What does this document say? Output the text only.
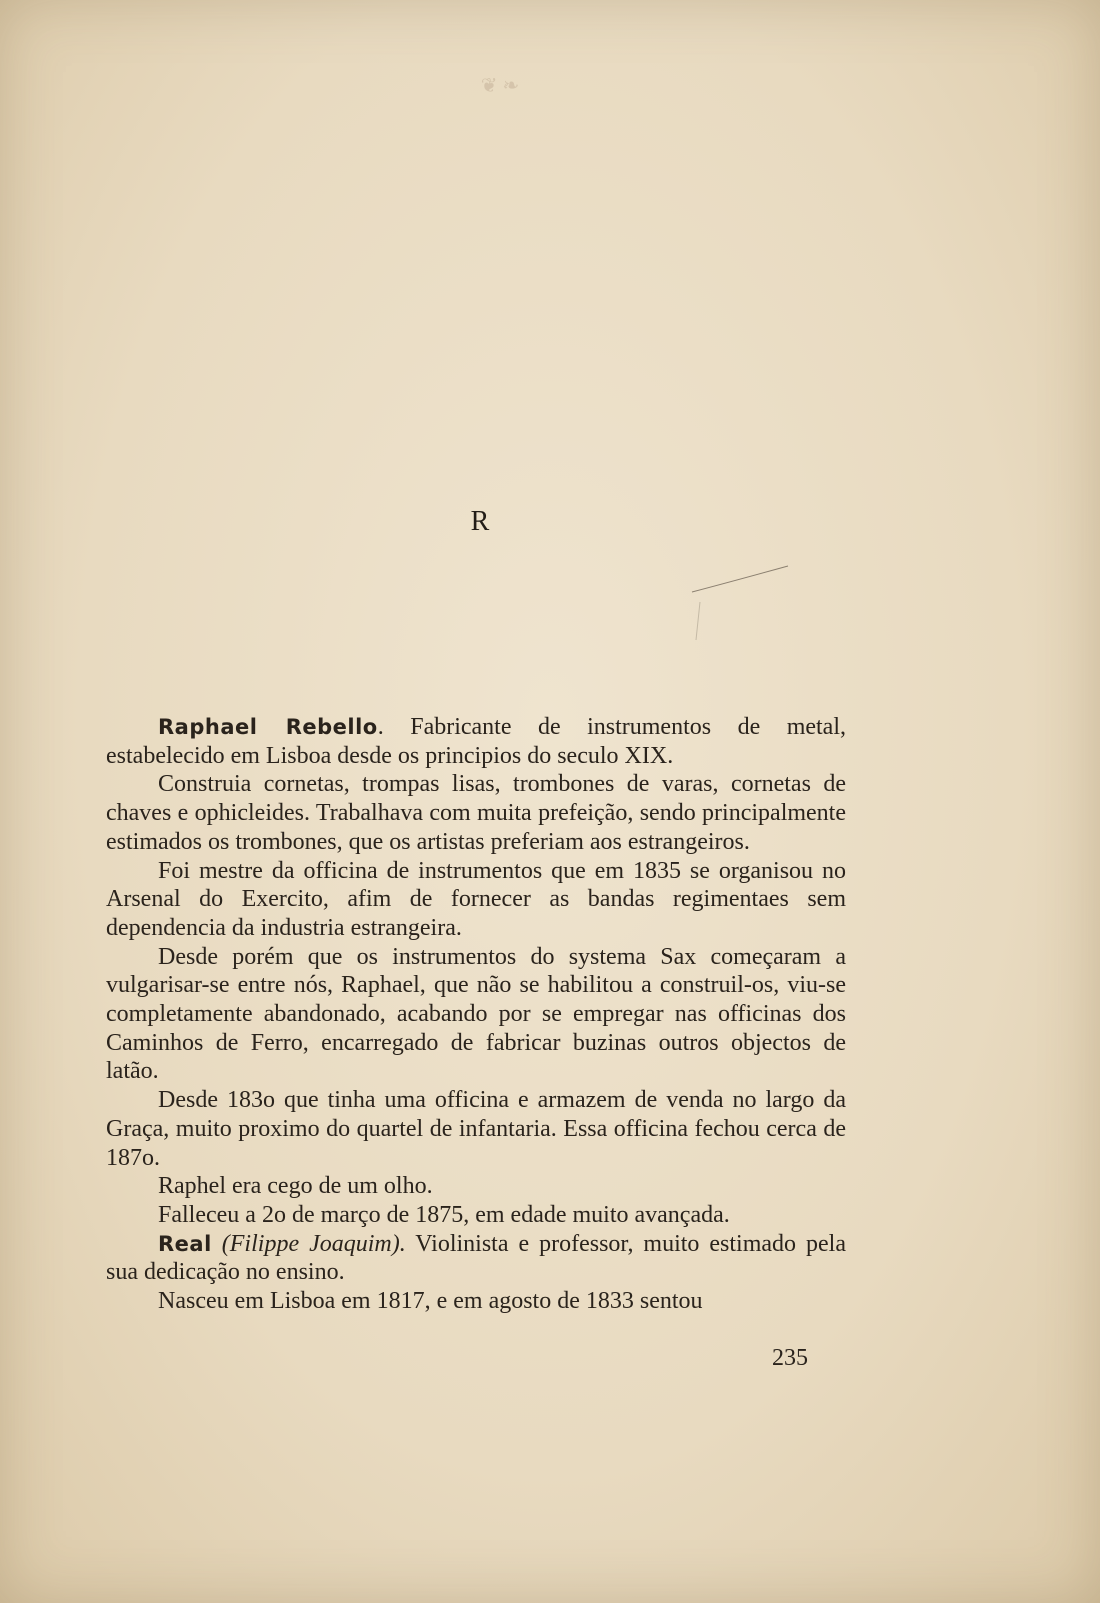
❦ ❧
R

Raphael Rebello. Fabricante de instrumentos de metal, estabelecido em Lisboa desde os principios do seculo XIX.

Construia cornetas, trompas lisas, trombones de varas, cornetas de chaves e ophicleides. Trabalhava com muita prefeição, sendo principalmente estimados os trombones, que os artistas preferiam aos estrangeiros.

Foi mestre da officina de instrumentos que em 1835 se organisou no Arsenal do Exercito, afim de fornecer as bandas regimentaes sem dependencia da industria estrangeira.

Desde porém que os instrumentos do systema Sax começaram a vulgarisar-se entre nós, Raphael, que não se habilitou a construil-os, viu-se completamente abandonado, acabando por se empregar nas officinas dos Caminhos de Ferro, encarregado de fabricar buzinas outros objectos de latão.

Desde 183o que tinha uma officina e armazem de venda no largo da Graça, muito proximo do quartel de infantaria. Essa officina fechou cerca de 187o.

Raphel era cego de um olho.

Falleceu a 2o de março de 1875, em edade muito avançada.

Real (Filippe Joaquim). Violinista e professor, muito estimado pela sua dedicação no ensino.

Nasceu em Lisboa em 1817, e em agosto de 1833 sentou

235
